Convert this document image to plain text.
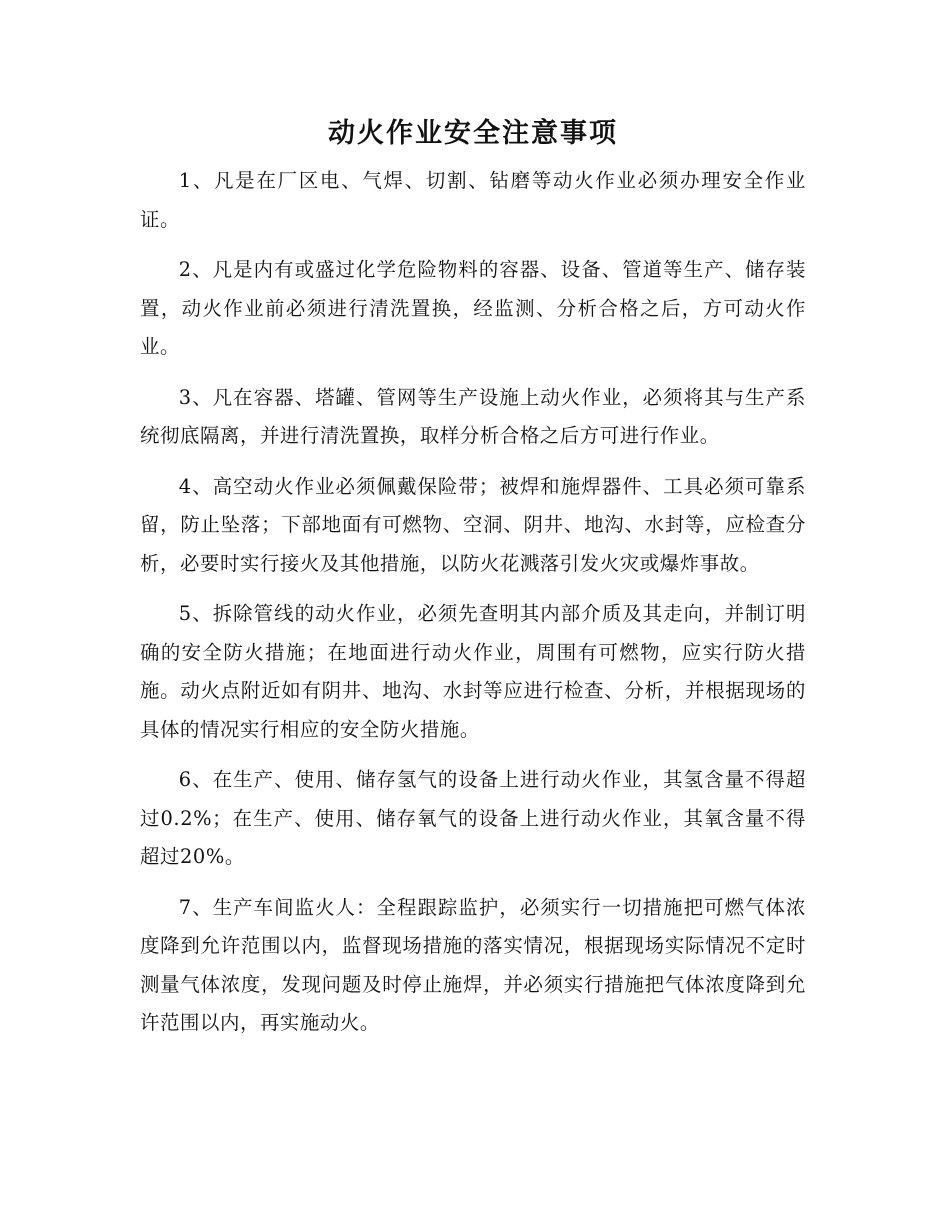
动火作业安全注意事项

1、凡是在厂区电、气焊、切割、钻磨等动火作业必须办理安全作业证。

2、凡是内有或盛过化学危险物料的容器、设备、管道等生产、储存装置，动火作业前必须进行清洗置换，经监测、分析合格之后，方可动火作业。

3、凡在容器、塔罐、管网等生产设施上动火作业，必须将其与生产系统彻底隔离，并进行清洗置换，取样分析合格之后方可进行作业。

4、高空动火作业必须佩戴保险带；被焊和施焊器件、工具必须可靠系留，防止坠落；下部地面有可燃物、空洞、阴井、地沟、水封等，应检查分析，必要时实行接火及其他措施，以防火花溅落引发火灾或爆炸事故。

5、拆除管线的动火作业，必须先查明其内部介质及其走向，并制订明确的安全防火措施；在地面进行动火作业，周围有可燃物，应实行防火措施。动火点附近如有阴井、地沟、水封等应进行检查、分析，并根据现场的具体的情况实行相应的安全防火措施。

6、在生产、使用、储存氢气的设备上进行动火作业，其氢含量不得超过0.2%；在生产、使用、储存氧气的设备上进行动火作业，其氧含量不得超过20%。

7、生产车间监火人：全程跟踪监护，必须实行一切措施把可燃气体浓度降到允许范围以内，监督现场措施的落实情况，根据现场实际情况不定时测量气体浓度，发现问题及时停止施焊，并必须实行措施把气体浓度降到允许范围以内，再实施动火。
